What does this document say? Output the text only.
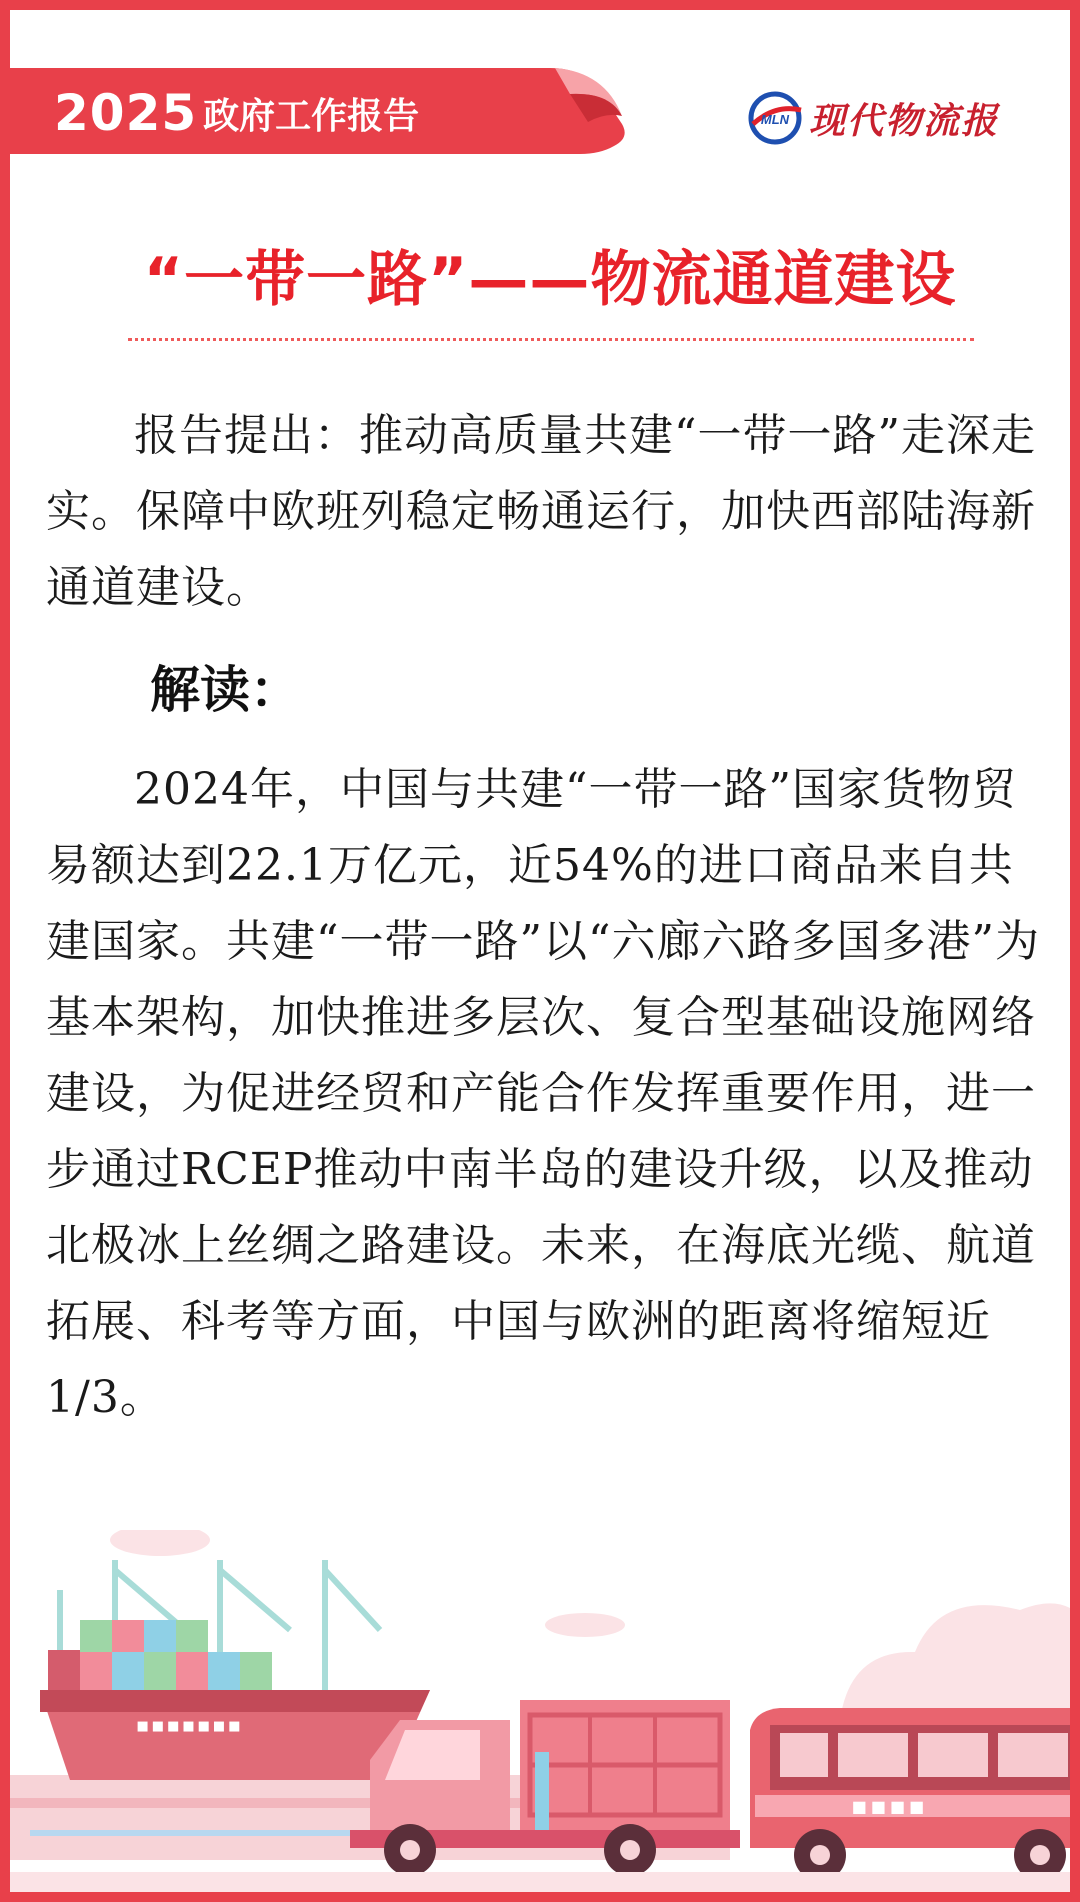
2025 政府工作报告	MLN 现代物流报
“一带一路”——物流通道建设
报告提出：推动高质量共建“一带一路”走深走实。保障中欧班列稳定畅通运行，加快西部陆海新通道建设。
解读：
2024年，中国与共建“一带一路”国家货物贸易额达到22.1万亿元，近54%的进口商品来自共建国家。共建“一带一路”以“六廊六路多国多港”为基本架构，加快推进多层次、复合型基础设施网络建设，为促进经贸和产能合作发挥重要作用，进一步通过RCEP推动中南半岛的建设升级，以及推动北极冰上丝绸之路建设。未来，在海底光缆、航道拓展、科考等方面，中国与欧洲的距离将缩短近1/3。
■■■■■■■
■■■■
